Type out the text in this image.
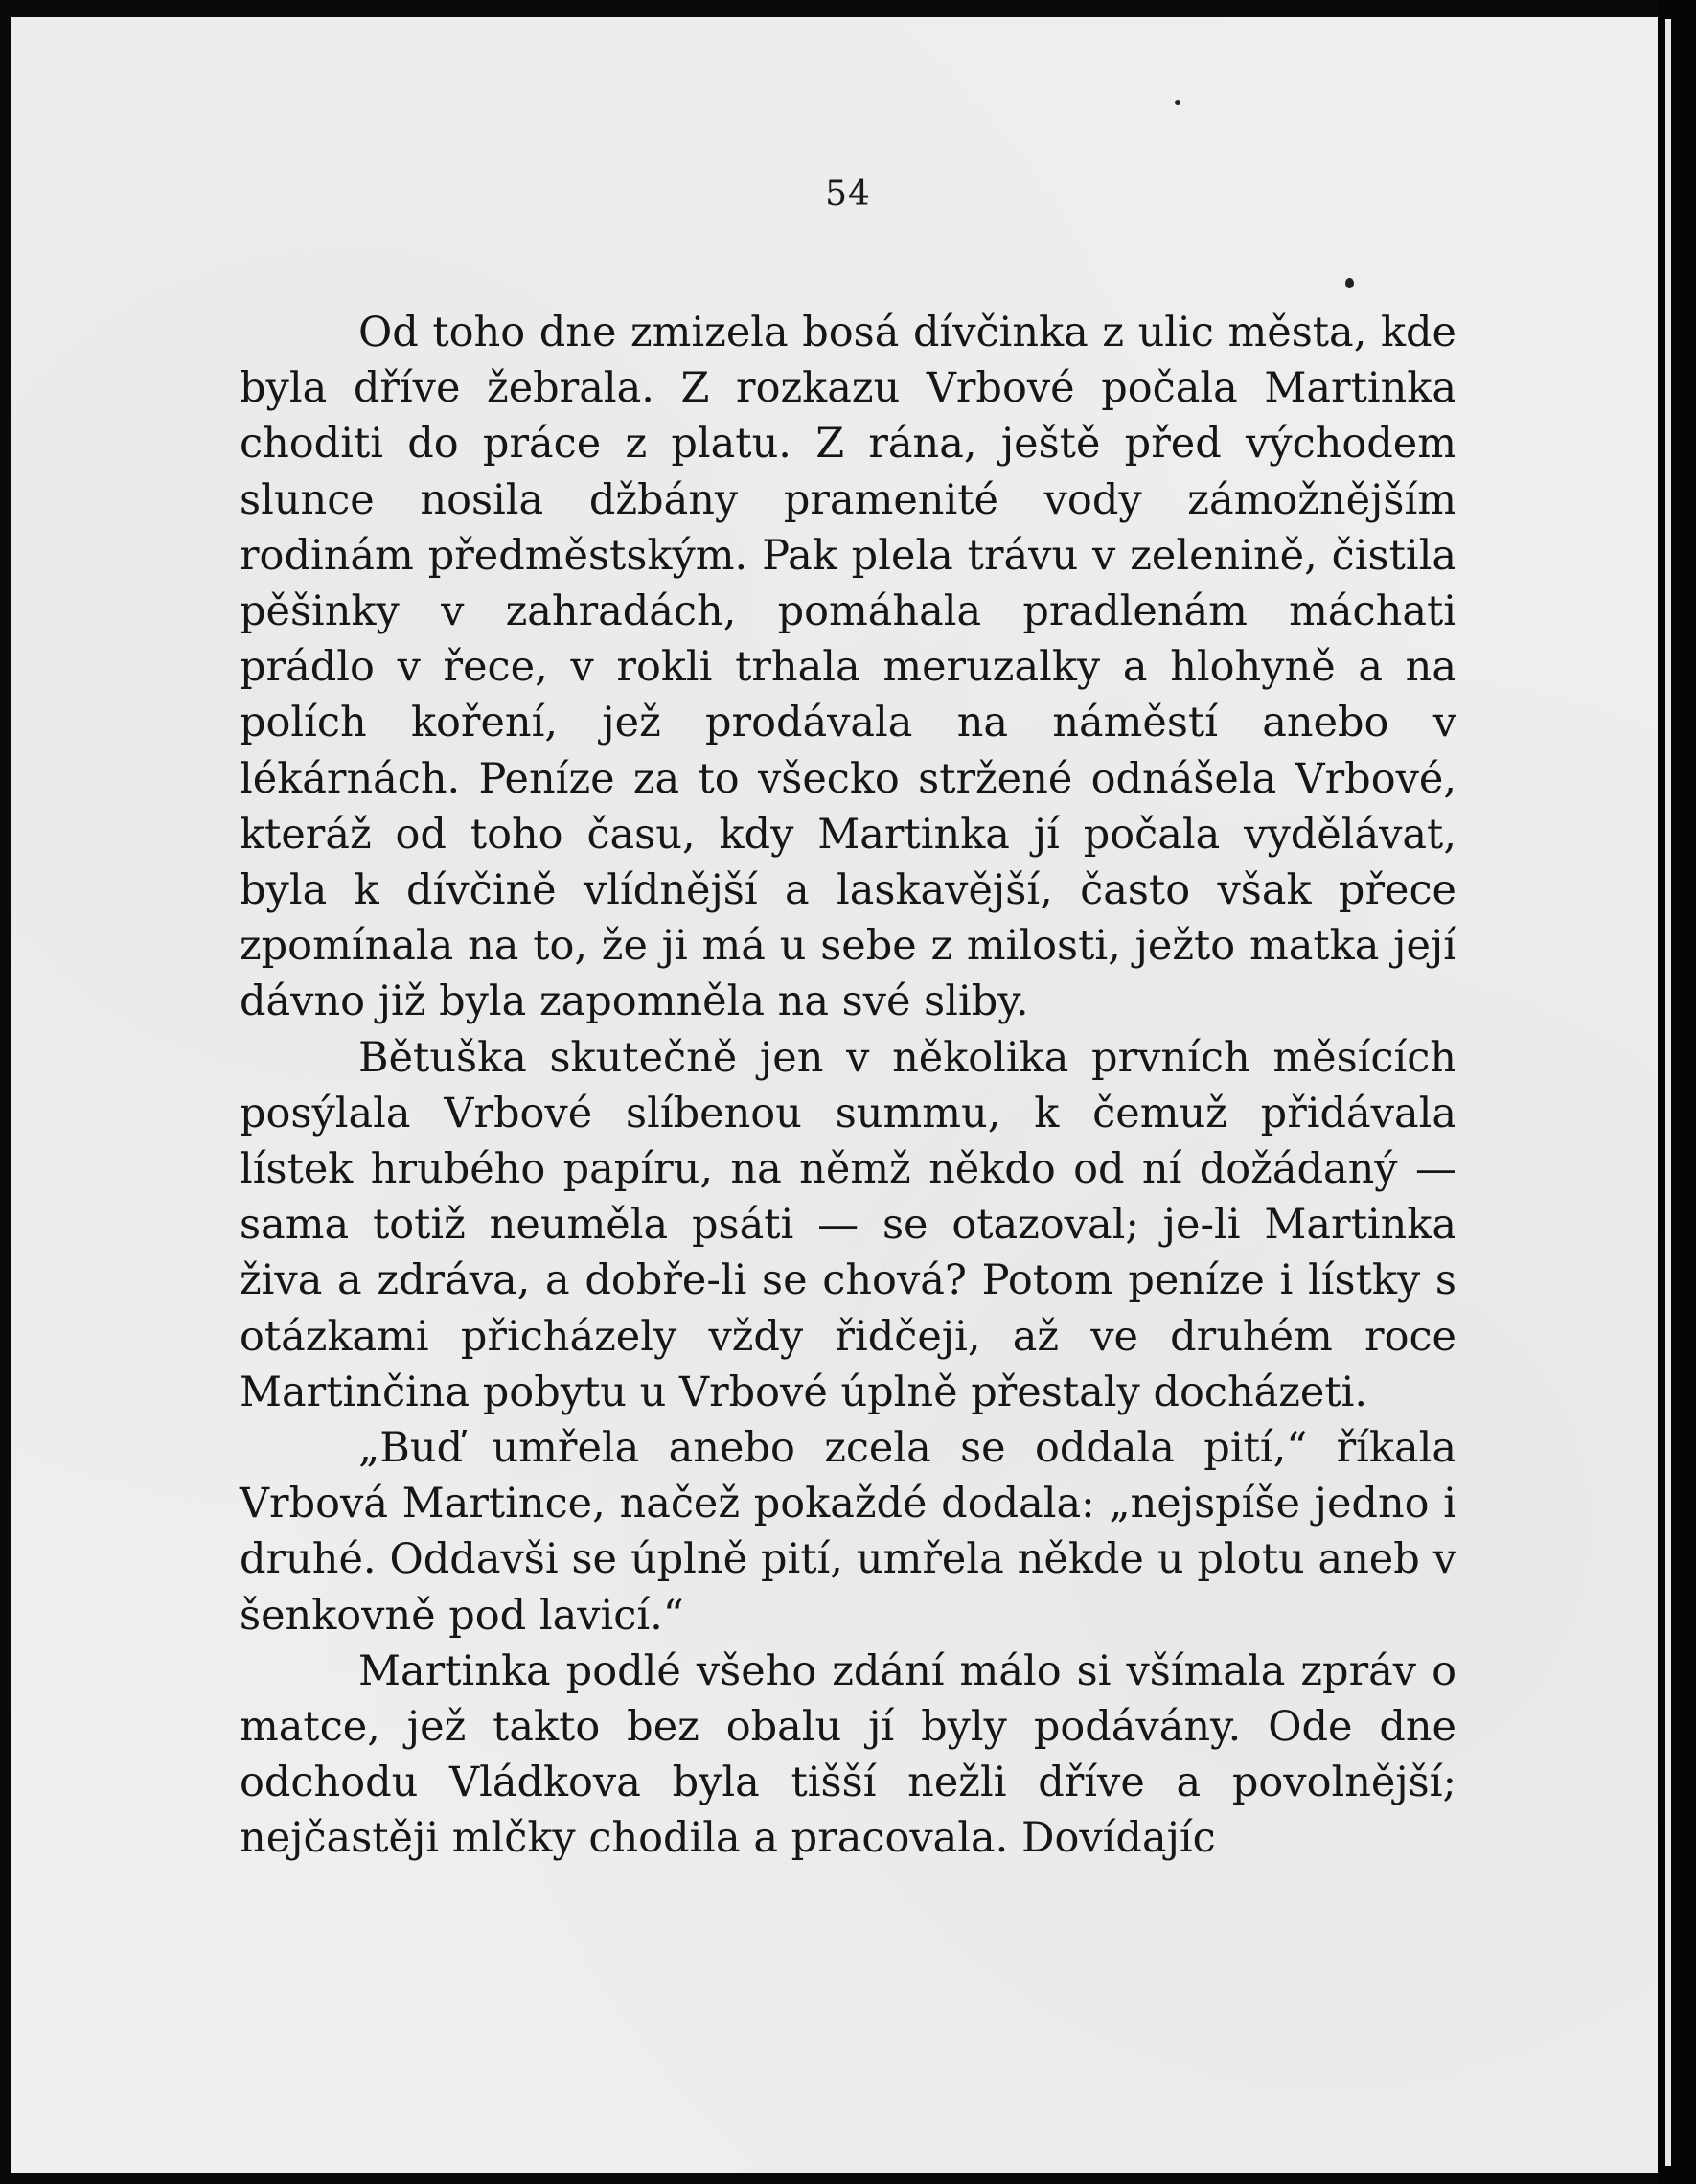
54

Od toho dne zmizela bosá dívčinka z ulic města, kde byla dříve žebrala. Z rozkazu Vrbové počala Martinka choditi do práce z platu. Z rána, ještě před východem slunce nosila džbány pramenité vody zámožnějším rodinám předměstským. Pak plela trávu v zelenině, čistila pěšinky v zahradách, pomáhala pradlenám máchati prádlo v řece, v rokli trhala meruzalky a hlohyně a na polích koření, jež prodávala na náměstí anebo v lékárnách. Peníze za to všecko stržené odnášela Vrbové, kteráž od toho času, kdy Martinka jí počala vydělávat, byla k dívčině vlídnější a laskavější, často však přece zpomínala na to, že ji má u sebe z milosti, ježto matka její dávno již byla zapomněla na své sliby.

Bětuška skutečně jen v několika prvních měsících posýlala Vrbové slíbenou summu, k čemuž přidávala lístek hrubého papíru, na němž někdo od ní dožádaný — sama totiž neuměla psáti — se otazoval; je-li Martinka živa a zdráva, a dobře-li se chová? Potom peníze i lístky s otázkami přicházely vždy řidčeji, až ve druhém roce Martinčina pobytu u Vrbové úplně přestaly docházeti.

„Buď umřela anebo zcela se oddala pití,“ říkala Vrbová Martince, načež pokaždé dodala: „nejspíše jedno i druhé. Oddavši se úplně pití, umřela někde u plotu aneb v šenkovně pod lavicí.“

Martinka podlé všeho zdání málo si všímala zpráv o matce, jež takto bez obalu jí byly podávány. Ode dne odchodu Vládkova byla tišší nežli dříve a povolnější; nejčastěji mlčky chodila a pracovala. Dovídajíc
